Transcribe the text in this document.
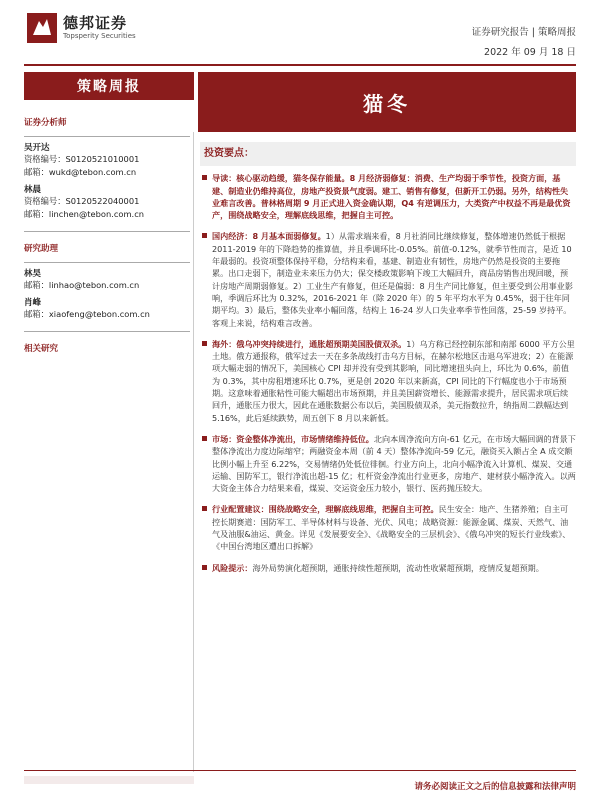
德邦证券
Topsperity Securities	证券研究报告 | 策略周报
2022 年 09 月 18 日
策略周报
猫冬
证券分析师
吴开达
资格编号：S0120521010001
邮箱：wukd@tebon.com.cn
林晨
资格编号：S0120522040001
邮箱：linchen@tebon.com.cn
研究助理
林昊
邮箱：linhao@tebon.com.cn
肖峰
邮箱：xiaofeng@tebon.com.cn
相关研究
投资要点：
导读：核心驱动趋缓，猫冬保存能量。8 月经济弱修复：消费、生产均弱于季节性，投资方面，基建、制造业仍维持高位，房地产投资景气度弱。建工、销售有修复，但新开工仍弱。另外，结构性失业难言改善。普林格周期 9 月正式进入资金确认期，Q4 有逆调压力，大类资产中权益不再是最优资产，围绕战略安全，理解底线思维，把握自主可控。
国内经济：8 月基本面弱修复。1）从需求端来看，8 月社消同比继续修复，整体增速仍然低于根据 2011-2019 年的下降趋势的推算值，并且季调环比-0.05%。前值-0.12%，就季节性而言，是近 10 年最弱的。投资项整体保持平稳，分结构来看，基建、制造业有韧性，房地产仍然是投资的主要拖累。出口走弱下，制造业未来压力仍大；保交楼政策影响下竣工大幅回升，商品房销售出现回暖，预计房地产周期弱修复。2）工业生产有修复，但还是偏弱：8 月生产同比修复，但主要受到公用事业影响，季调后环比为 0.32%，2016-2021 年（除 2020 年）的 5 年平均水平为 0.45%，弱于往年同期平均。3）最后，整体失业率小幅回落，结构上 16-24 岁人口失业率季节性回落，25-59 岁持平。客观上来说，结构难言改善。
海外：俄乌冲突持续进行，通胀超预期美国股债双杀。1）乌方称已经控制东部和南部 6000 平方公里土地。俄方通报称，俄军过去一天在多条战线打击乌方目标，在赫尔松地区击退乌军进攻；2）在能源项大幅走弱的情况下，美国核心 CPI 却并没有受到其影响，同比增速扭头向上，环比为 0.6%，前值为 0.3%，其中房租增速环比 0.7%，更是创 2020 年以来新高，CPI 同比的下行幅度也小于市场预期。这意味着通胀粘性可能大幅超出市场预期，并且美国薪资增长、能源需求提升，居民需求项后续回升，通胀压力很大，因此在通胀数据公布以后，美国股债双杀，美元指数拉升，纳指周二跌幅达到 5.16%，此后延续跌势，周五创下 8 月以来新低。
市场：资金整体净流出，市场情绪维持低位。北向本周净流向方向-61 亿元，在市场大幅回调的背景下整体净流出力度边际缩窄；两融资金本周（前 4 天）整体净流向-59 亿元，融资买入额占全 A 成交额比例小幅上升至 6.22%，交易情绪仍处低位徘徊。行业方向上，北向小幅净流入计算机、煤炭、交通运输、国防军工，银行净流出超-15 亿；杠杆资金净流出行业更多，房地产、建材获小幅净流入。以两大资金主体合力结果来看，煤炭、交运资金压力较小，银行、医药抛压较大。
行业配置建议：围绕战略安全，理解底线思维，把握自主可控。民生安全：地产、生猪养殖；自主可控长期赛道：国防军工、半导体材料与设备、光伏、风电；战略资源：能源金属、煤炭、天然气、油气及油服&油运、黄金。详见《发展要安全》、《战略安全的三层机会》、《俄乌冲突的短长行业线索》、《中国台湾地区遭出口拆解》
风险提示：海外局势演化超预期，通胀持续性超预期，流动性收紧超预期，疫情反复超预期。
请务必阅读正文之后的信息披露和法律声明
